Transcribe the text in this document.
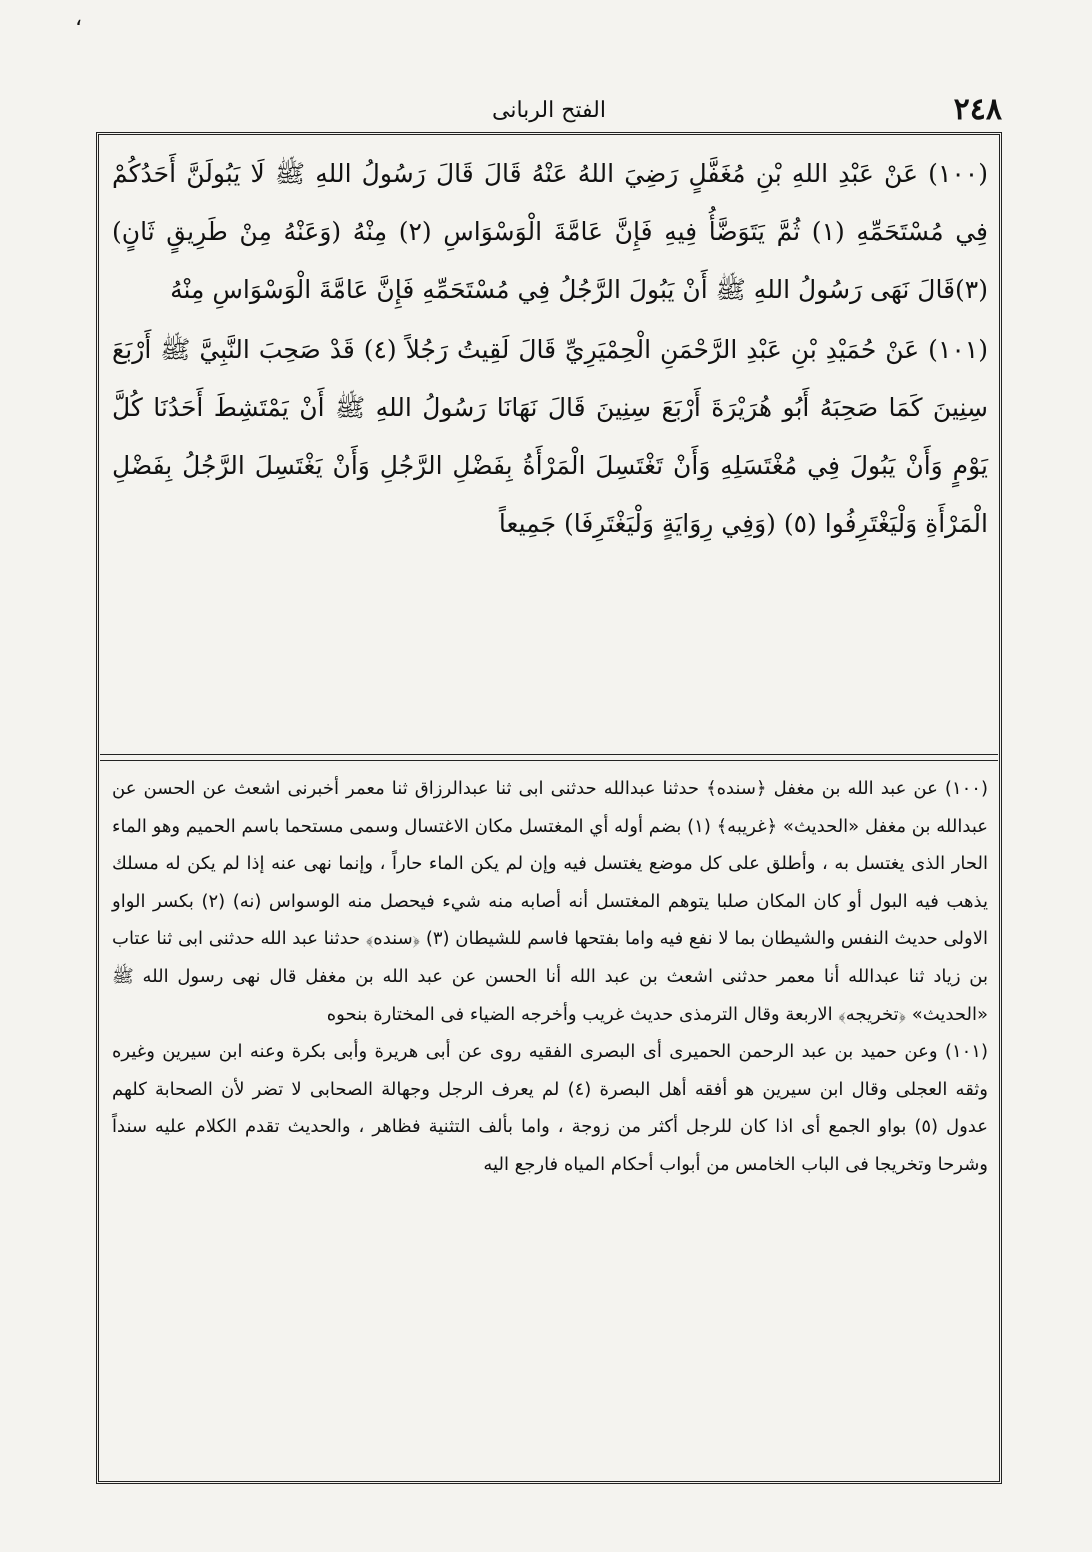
،
٢٤٨
الفتح الربانى

(١٠٠) عَنْ عَبْدِ اللهِ بْنِ مُغَفَّلٍ رَضِيَ اللهُ عَنْهُ قَالَ قَالَ رَسُولُ اللهِ ﷺ لَا يَبُولَنَّ أَحَدُكُمْ فِي مُسْتَحَمِّهِ (١) ثُمَّ يَتَوَضَّأُ فِيهِ فَإِنَّ عَامَّةَ الْوَسْوَاسِ (٢) مِنْهُ (وَعَنْهُ مِنْ طَرِيقٍ ثَانٍ) (٣)قَالَ نَهَى رَسُولُ اللهِ ﷺ أَنْ يَبُولَ الرَّجُلُ فِي مُسْتَحَمِّهِ فَإِنَّ عَامَّةَ الْوَسْوَاسِ مِنْهُ

(١٠١) عَنْ حُمَيْدِ بْنِ عَبْدِ الرَّحْمَنِ الْحِمْيَرِيِّ قَالَ لَقِيتُ رَجُلاً (٤) قَدْ صَحِبَ النَّبِيَّ ﷺ أَرْبَعَ سِنِينَ كَمَا صَحِبَهُ أَبُو هُرَيْرَةَ أَرْبَعَ سِنِينَ قَالَ نَهَانَا رَسُولُ اللهِ ﷺ أَنْ يَمْتَشِطَ أَحَدُنَا كُلَّ يَوْمٍ وَأَنْ يَبُولَ فِي مُغْتَسَلِهِ وَأَنْ تَغْتَسِلَ الْمَرْأَةُ بِفَضْلِ الرَّجُلِ وَأَنْ يَغْتَسِلَ الرَّجُلُ بِفَضْلِ الْمَرْأَةِ وَلْيَغْتَرِفُوا (٥) (وَفِي رِوَايَةٍ وَلْيَغْتَرِفَا) جَمِيعاً

(١٠٠) عن عبد الله بن مغفل ﴿سنده﴾ حدثنا عبدالله حدثنى ابى ثنا عبدالرزاق ثنا معمر أخبرنى اشعث عن الحسن عن عبدالله بن مغفل «الحديث» ﴿غريبه﴾ (١) بضم أوله أي المغتسل مكان الاغتسال وسمى مستحما باسم الحميم وهو الماء الحار الذى يغتسل به ، وأطلق على كل موضع يغتسل فيه وإن لم يكن الماء حاراً ، وإنما نهى عنه إذا لم يكن له مسلك يذهب فيه البول أو كان المكان صلبا يتوهم المغتسل أنه أصابه منه شيء فيحصل منه الوسواس (نه) (٢) بكسر الواو الاولى حديث النفس والشيطان بما لا نفع فيه واما بفتحها فاسم للشيطان (٣) ﴿سنده﴾ حدثنا عبد الله حدثنى ابى ثنا عتاب بن زياد ثنا عبدالله أنا معمر حدثنى اشعث بن عبد الله أنا الحسن عن عبد الله بن مغفل قال نهى رسول الله ﷺ «الحديث» ﴿تخريجه﴾ الاربعة وقال الترمذى حديث غريب وأخرجه الضياء فى المختارة بنحوه

(١٠١) وعن حميد بن عبد الرحمن الحميرى أى البصرى الفقيه روى عن أبى هريرة وأبى بكرة وعنه ابن سيرين وغيره وثقه العجلى وقال ابن سيرين هو أفقه أهل البصرة (٤) لم يعرف الرجل وجهالة الصحابى لا تضر لأن الصحابة كلهم عدول (٥) بواو الجمع أى اذا كان للرجل أكثر من زوجة ، واما بألف التثنية فظاهر ، والحديث تقدم الكلام عليه سنداً وشرحا وتخريجا فى الباب الخامس من أبواب أحكام المياه فارجع اليه
